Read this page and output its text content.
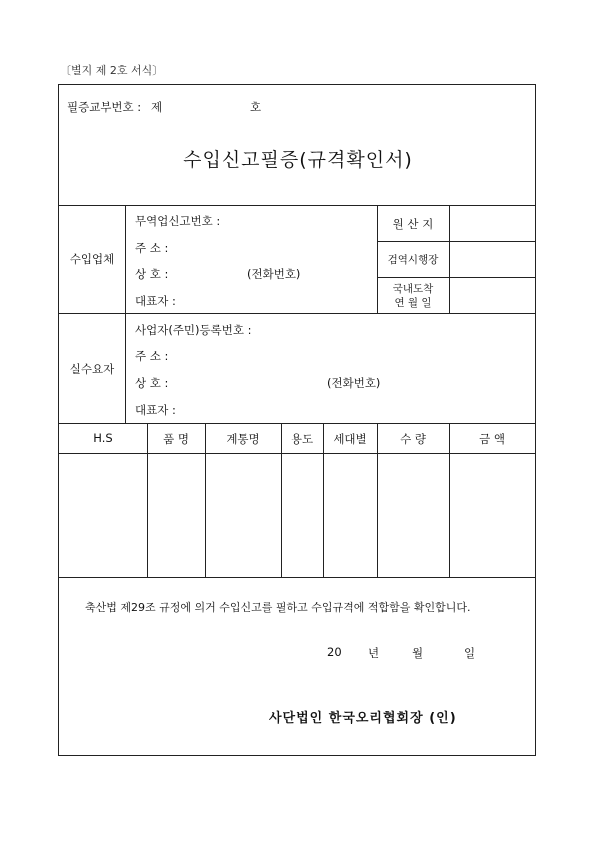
〔별지 제 2호 서식〕
필증교부번호 : 제	호
수입신고필증(규격확인서)
수입업체
무역업신고번호 :
주 소 :
상 호 :	(전화번호)
대표자 :
원 산 지
검역시행장
국내도착
연 월 일
실수요자
사업자(주민)등록번호 :
주 소 :
상 호 :	(전화번호)
대표자 :
H.S	품 명	계통명	용도	세대별	수 량	금 액
축산법 제29조 규정에 의거 수입신고를 필하고 수입규격에 적합함을 확인합니다.
20 년	월	일
사단법인 한국오리협회장 (인)
